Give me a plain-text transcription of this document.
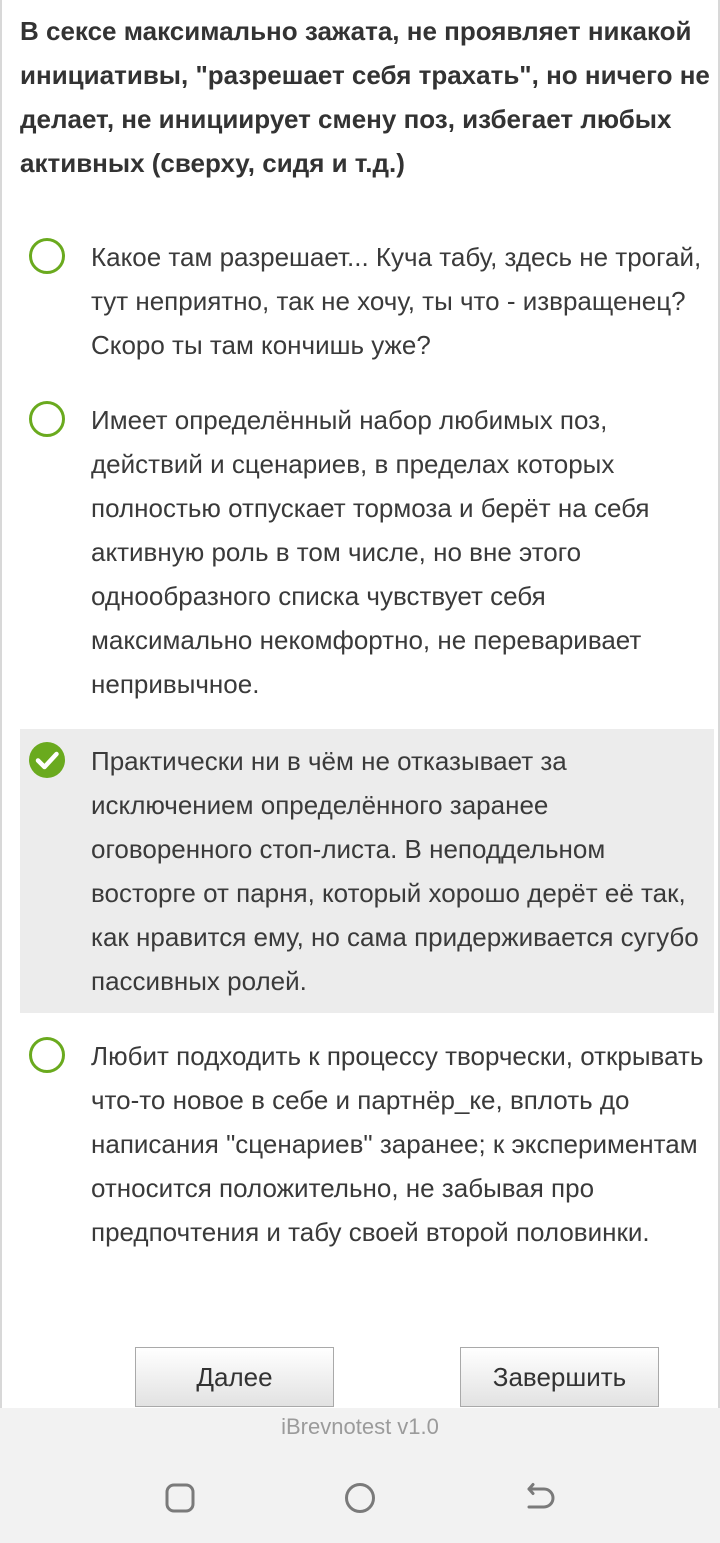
В сексе максимально зажата, не проявляет никакой инициативы, "разрешает себя трахать", но ничего не делает, не инициирует смену поз, избегает любых активных (сверху, сидя и т.д.)
Какое там разрешает... Куча табу, здесь не трогай, тут неприятно, так не хочу, ты что - извращенец? Скоро ты там кончишь уже?
Имеет определённый набор любимых поз, действий и сценариев, в пределах которых полностью отпускает тормоза и берёт на себя активную роль в том числе, но вне этого однообразного списка чувствует себя максимально некомфортно, не переваривает непривычное.
Практически ни в чём не отказывает за исключением определённого заранее оговоренного стоп-листа. В неподдельном восторге от парня, который хорошо дерёт её так, как нравится ему, но сама придерживается сугубо пассивных ролей.
Любит подходить к процессу творчески, открывать что-то новое в себе и партнёр_ке, вплоть до написания "сценариев" заранее; к экспериментам относится положительно, не забывая про предпочтения и табу своей второй половинки.
Далее	Завершить
iBrevnotest v1.0
